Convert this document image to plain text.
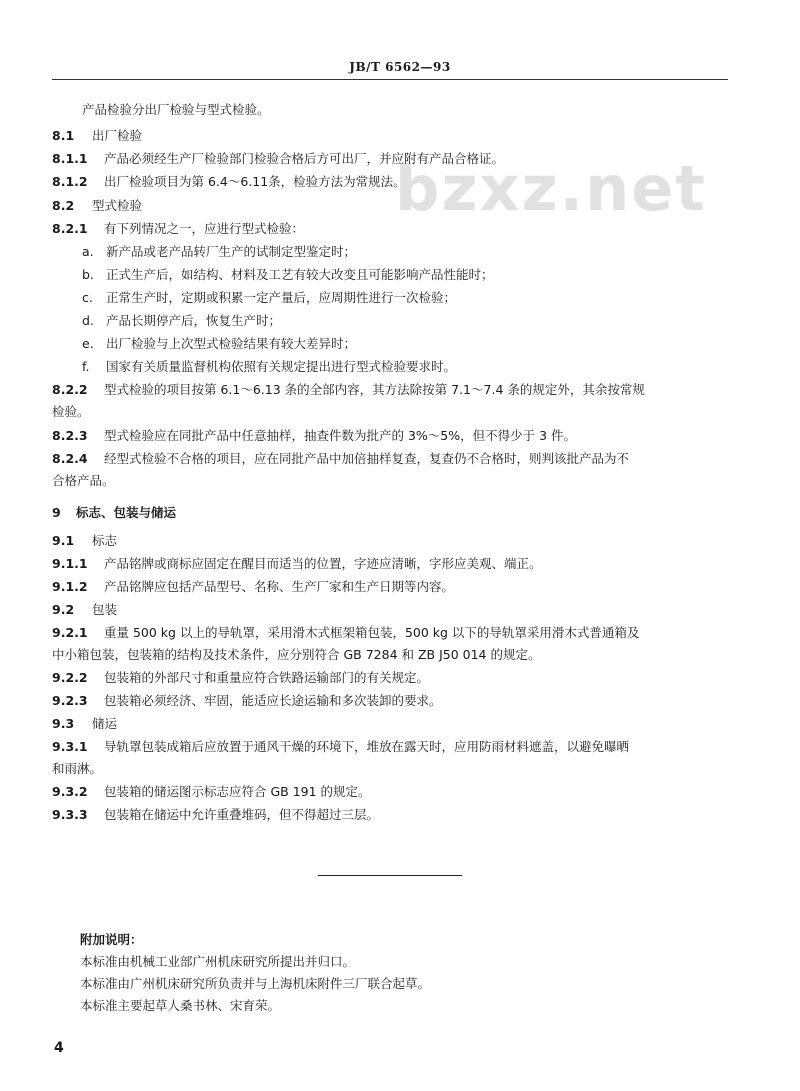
JB/T 6562—93
bzxz.net
产品检验分出厂检验与型式检验。
8.1 出厂检验
8.1.1 产品必须经生产厂检验部门检验合格后方可出厂，并应附有产品合格证。
8.1.2 出厂检验项目为第 6.4～6.11条，检验方法为常规法。
8.2 型式检验
8.2.1 有下列情况之一，应进行型式检验：
a. 新产品或老产品转厂生产的试制定型鉴定时；
b. 正式生产后，如结构、材料及工艺有较大改变且可能影响产品性能时；
c. 正常生产时，定期或积累一定产量后，应周期性进行一次检验；
d. 产品长期停产后，恢复生产时；
e. 出厂检验与上次型式检验结果有较大差异时；
f. 国家有关质量监督机构依照有关规定提出进行型式检验要求时。
8.2.2 型式检验的项目按第 6.1～6.13 条的全部内容，其方法除按第 7.1～7.4 条的规定外，其余按常规
检验。
8.2.3 型式检验应在同批产品中任意抽样，抽查件数为批产的 3%～5%，但不得少于 3 件。
8.2.4 经型式检验不合格的项目，应在同批产品中加倍抽样复查，复查仍不合格时，则判该批产品为不
合格产品。
9 标志、包装与储运
9.1 标志
9.1.1 产品铭牌或商标应固定在醒目而适当的位置，字迹应清晰，字形应美观、端正。
9.1.2 产品铭牌应包括产品型号、名称、生产厂家和生产日期等内容。
9.2 包装
9.2.1 重量 500 kg 以上的导轨罩，采用滑木式框架箱包装，500 kg 以下的导轨罩采用滑木式普通箱及
中小箱包装，包装箱的结构及技术条件，应分别符合 GB 7284 和 ZB J50 014 的规定。
9.2.2 包装箱的外部尺寸和重量应符合铁路运输部门的有关规定。
9.2.3 包装箱必须经济、牢固，能适应长途运输和多次装卸的要求。
9.3 储运
9.3.1 导轨罩包装成箱后应放置于通风干燥的环境下，堆放在露天时，应用防雨材料遮盖，以避免曝晒
和雨淋。
9.3.2 包装箱的储运图示标志应符合 GB 191 的规定。
9.3.3 包装箱在储运中允许重叠堆码，但不得超过三层。
附加说明：
本标准由机械工业部广州机床研究所提出并归口。
本标准由广州机床研究所负责并与上海机床附件三厂联合起草。
本标准主要起草人桑书林、宋育荣。
4
